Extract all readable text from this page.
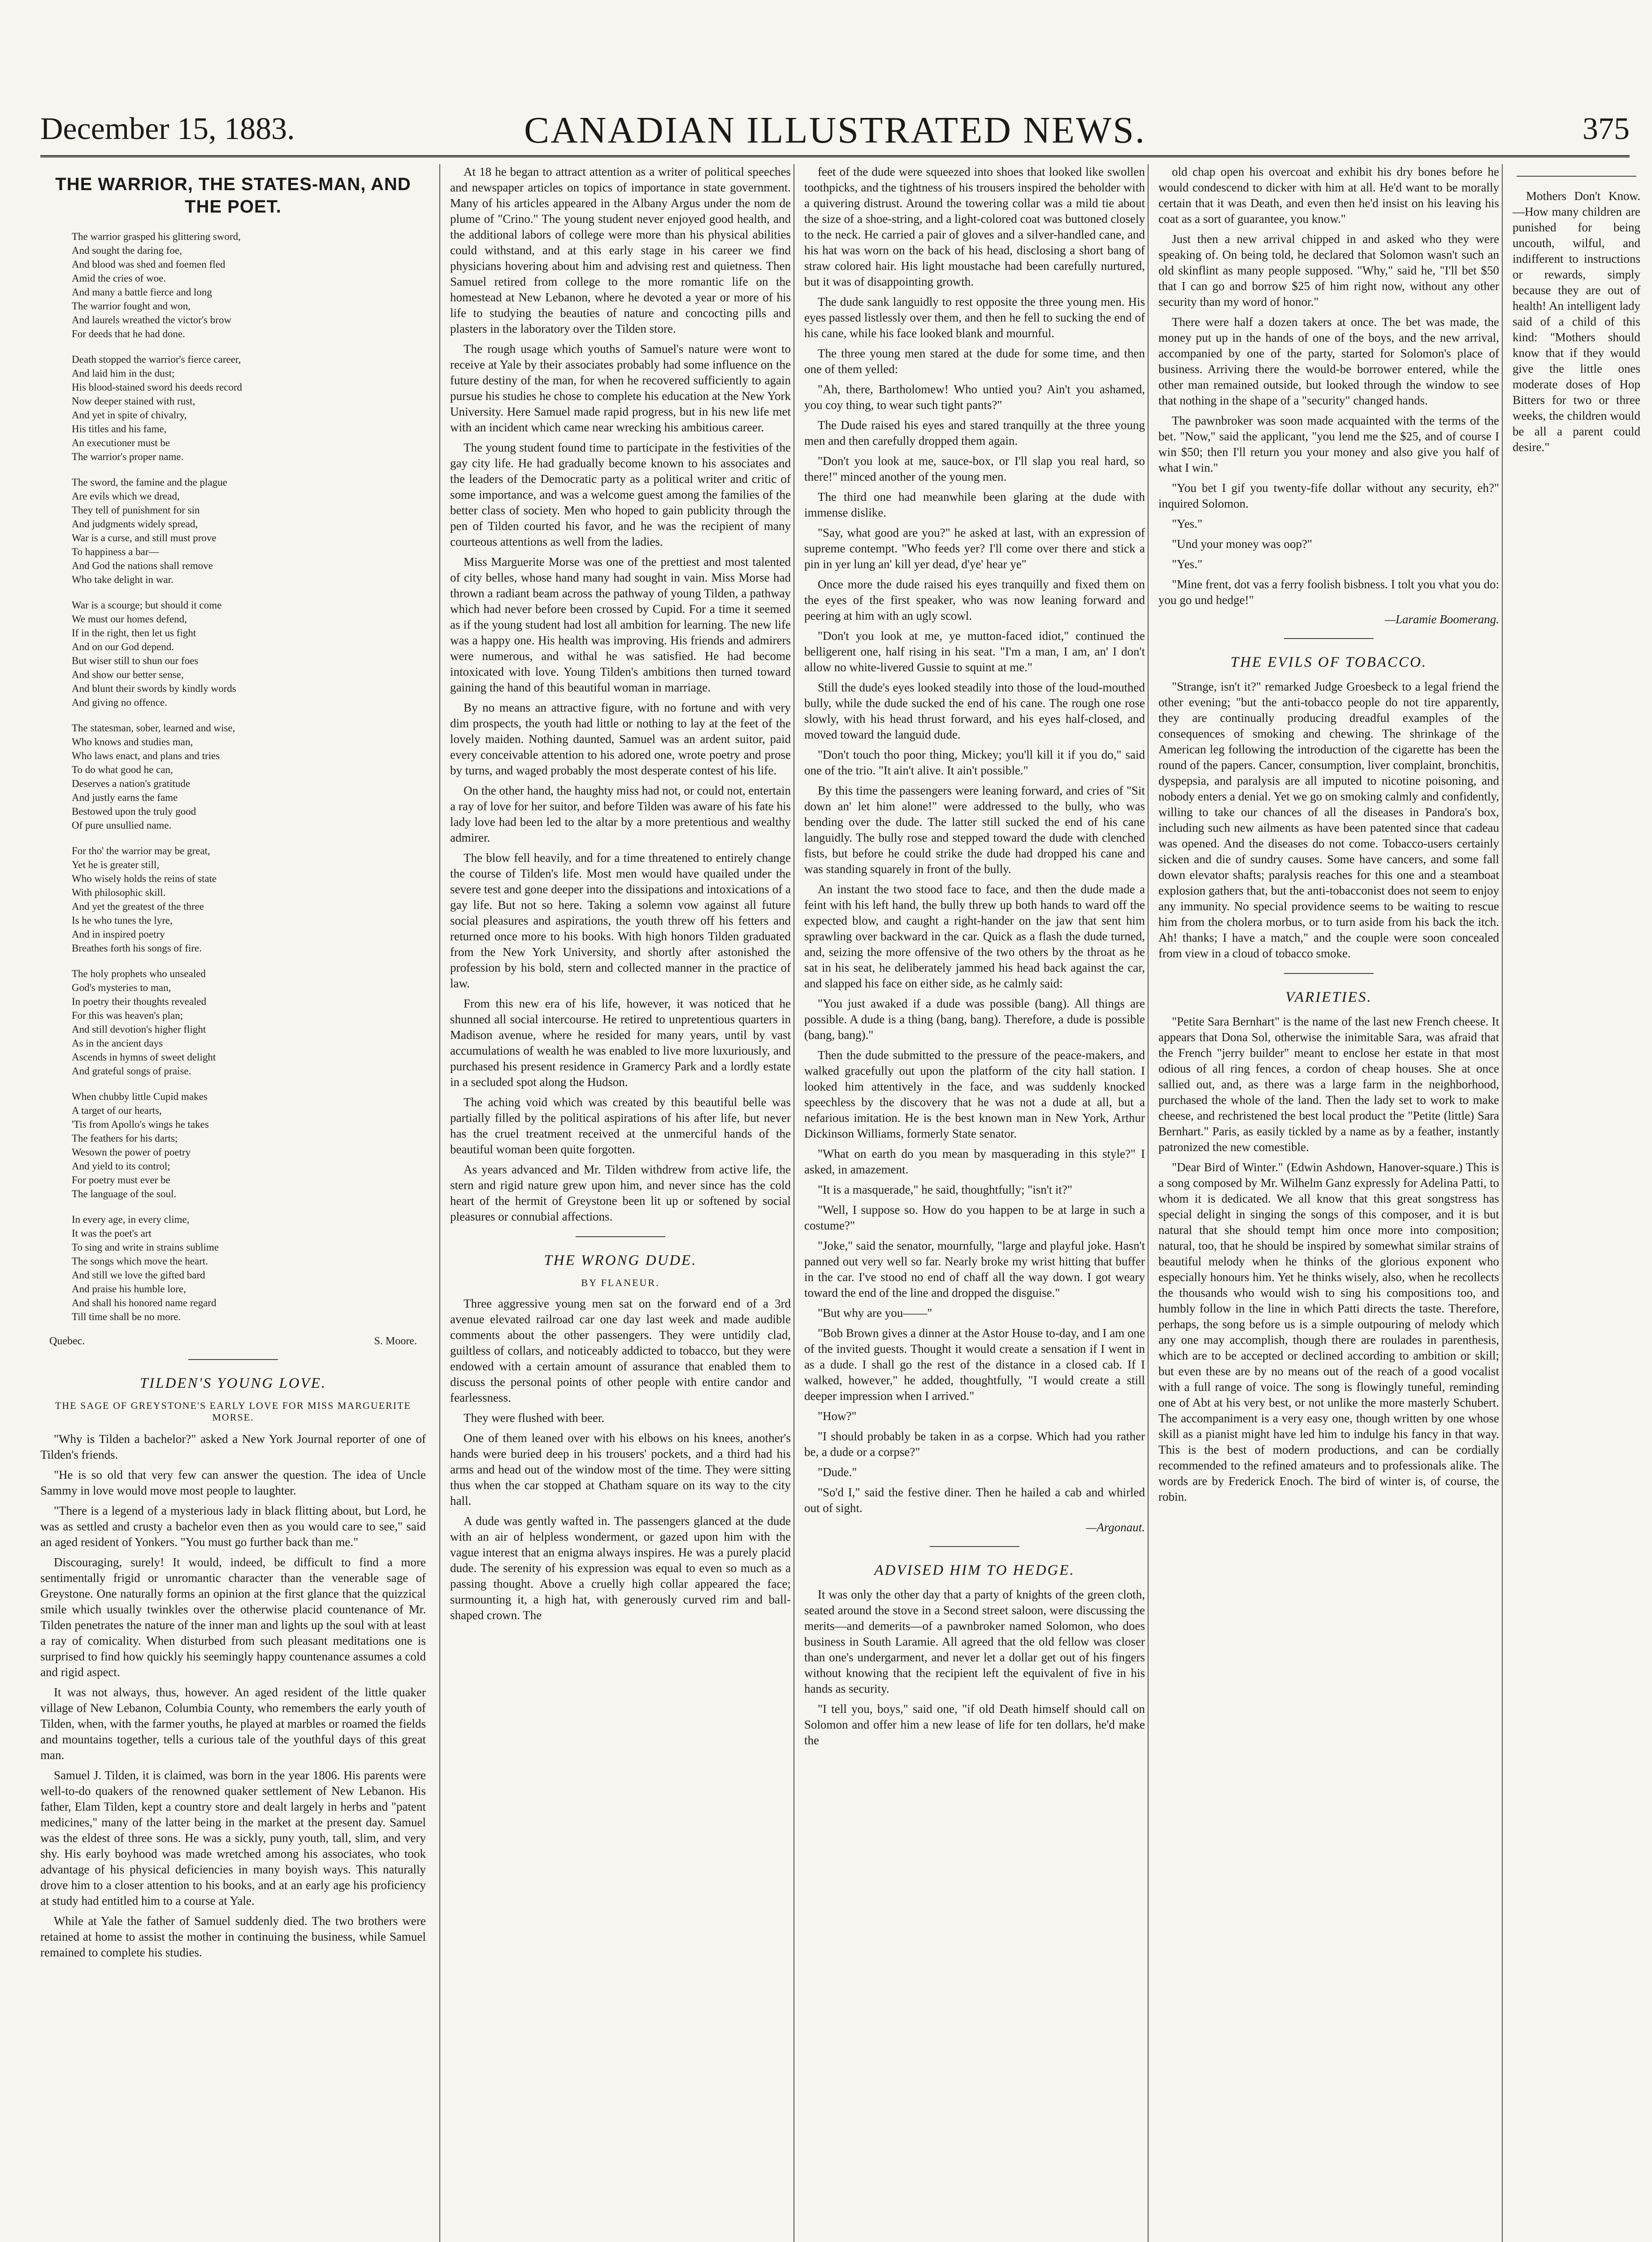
December 15, 1883.	CANADIAN ILLUSTRATED NEWS.	375
THE WARRIOR, THE STATES-MAN, AND THE POET.
The warrior grasped his glittering sword,
And sought the daring foe,
And blood was shed and foemen fled
Amid the cries of woe.
And many a battle fierce and long
The warrior fought and won,
And laurels wreathed the victor's brow
For deeds that he had done.
Death stopped the warrior's fierce career,
And laid him in the dust;
His blood-stained sword his deeds record
Now deeper stained with rust,
And yet in spite of chivalry,
His titles and his fame,
An executioner must be
The warrior's proper name.
The sword, the famine and the plague
Are evils which we dread,
They tell of punishment for sin
And judgments widely spread,
War is a curse, and still must prove
To happiness a bar—
And God the nations shall remove
Who take delight in war.
War is a scourge; but should it come
We must our homes defend,
If in the right, then let us fight
And on our God depend.
But wiser still to shun our foes
And show our better sense,
And blunt their swords by kindly words
And giving no offence.
The statesman, sober, learned and wise,
Who knows and studies man,
Who laws enact, and plans and tries
To do what good he can,
Deserves a nation's gratitude
And justly earns the fame
Bestowed upon the truly good
Of pure unsullied name.
For tho' the warrior may be great,
Yet he is greater still,
Who wisely holds the reins of state
With philosophic skill.
And yet the greatest of the three
Is he who tunes the lyre,
And in inspired poetry
Breathes forth his songs of fire.
The holy prophets who unsealed
God's mysteries to man,
In poetry their thoughts revealed
For this was heaven's plan;
And still devotion's higher flight
As in the ancient days
Ascends in hymns of sweet delight
And grateful songs of praise.
When chubby little Cupid makes
A target of our hearts,
'Tis from Apollo's wings he takes
The feathers for his darts;
Wesown the power of poetry
And yield to its control;
For poetry must ever be
The language of the soul.
In every age, in every clime,
It was the poet's art
To sing and write in strains sublime
The songs which move the heart.
And still we love the gifted bard
And praise his humble lore,
And shall his honored name regard
Till time shall be no more.
Quebec.	S. Moore.
TILDEN'S YOUNG LOVE.
THE SAGE OF GREYSTONE'S EARLY LOVE FOR MISS MARGUERITE MORSE.

"Why is Tilden a bachelor?" asked a New York Journal reporter of one of Tilden's friends.

"He is so old that very few can answer the question. The idea of Uncle Sammy in love would move most people to laughter.

"There is a legend of a mysterious lady in black flitting about, but Lord, he was as settled and crusty a bachelor even then as you would care to see," said an aged resident of Yonkers. "You must go further back than me."

Discouraging, surely! It would, indeed, be difficult to find a more sentimentally frigid or unromantic character than the venerable sage of Greystone. One naturally forms an opinion at the first glance that the quizzical smile which usually twinkles over the otherwise placid countenance of Mr. Tilden penetrates the nature of the inner man and lights up the soul with at least a ray of comicality. When disturbed from such pleasant meditations one is surprised to find how quickly his seemingly happy countenance assumes a cold and rigid aspect.

It was not always, thus, however. An aged resident of the little quaker village of New Lebanon, Columbia County, who remembers the early youth of Tilden, when, with the farmer youths, he played at marbles or roamed the fields and mountains together, tells a curious tale of the youthful days of this great man.

Samuel J. Tilden, it is claimed, was born in the year 1806. His parents were well-to-do quakers of the renowned quaker settlement of New Lebanon. His father, Elam Tilden, kept a country store and dealt largely in herbs and "patent medicines," many of the latter being in the market at the present day. Samuel was the eldest of three sons. He was a sickly, puny youth, tall, slim, and very shy. His early boyhood was made wretched among his associates, who took advantage of his physical deficiencies in many boyish ways. This naturally drove him to a closer attention to his books, and at an early age his proficiency at study had entitled him to a course at Yale.

While at Yale the father of Samuel suddenly died. The two brothers were retained at home to assist the mother in continuing the business, while Samuel remained to complete his studies.

At 18 he began to attract attention as a writer of political speeches and newspaper articles on topics of importance in state government. Many of his articles appeared in the Albany Argus under the nom de plume of "Crino." The young student never enjoyed good health, and the additional labors of college were more than his physical abilities could withstand, and at this early stage in his career we find physicians hovering about him and advising rest and quietness. Then Samuel retired from college to the more romantic life on the homestead at New Lebanon, where he devoted a year or more of his life to studying the beauties of nature and concocting pills and plasters in the laboratory over the Tilden store.

The rough usage which youths of Samuel's nature were wont to receive at Yale by their associates probably had some influence on the future destiny of the man, for when he recovered sufficiently to again pursue his studies he chose to complete his education at the New York University. Here Samuel made rapid progress, but in his new life met with an incident which came near wrecking his ambitious career.

The young student found time to participate in the festivities of the gay city life. He had gradually become known to his associates and the leaders of the Democratic party as a political writer and critic of some importance, and was a welcome guest among the families of the better class of society. Men who hoped to gain publicity through the pen of Tilden courted his favor, and he was the recipient of many courteous attentions as well from the ladies.

Miss Marguerite Morse was one of the prettiest and most talented of city belles, whose hand many had sought in vain. Miss Morse had thrown a radiant beam across the pathway of young Tilden, a pathway which had never before been crossed by Cupid. For a time it seemed as if the young student had lost all ambition for learning. The new life was a happy one. His health was improving. His friends and admirers were numerous, and withal he was satisfied. He had become intoxicated with love. Young Tilden's ambitions then turned toward gaining the hand of this beautiful woman in marriage.

By no means an attractive figure, with no fortune and with very dim prospects, the youth had little or nothing to lay at the feet of the lovely maiden. Nothing daunted, Samuel was an ardent suitor, paid every conceivable attention to his adored one, wrote poetry and prose by turns, and waged probably the most desperate contest of his life.

On the other hand, the haughty miss had not, or could not, entertain a ray of love for her suitor, and before Tilden was aware of his fate his lady love had been led to the altar by a more pretentious and wealthy admirer.

The blow fell heavily, and for a time threatened to entirely change the course of Tilden's life. Most men would have quailed under the severe test and gone deeper into the dissipations and intoxications of a gay life. But not so here. Taking a solemn vow against all future social pleasures and aspirations, the youth threw off his fetters and returned once more to his books. With high honors Tilden graduated from the New York University, and shortly after astonished the profession by his bold, stern and collected manner in the practice of law.

From this new era of his life, however, it was noticed that he shunned all social intercourse. He retired to unpretentious quarters in Madison avenue, where he resided for many years, until by vast accumulations of wealth he was enabled to live more luxuriously, and purchased his present residence in Gramercy Park and a lordly estate in a secluded spot along the Hudson.

The aching void which was created by this beautiful belle was partially filled by the political aspirations of his after life, but never has the cruel treatment received at the unmerciful hands of the beautiful woman been quite forgotten.

As years advanced and Mr. Tilden withdrew from active life, the stern and rigid nature grew upon him, and never since has the cold heart of the hermit of Greystone been lit up or softened by social pleasures or connubial affections.

THE WRONG DUDE.
BY FLANEUR.

Three aggressive young men sat on the forward end of a 3rd avenue elevated railroad car one day last week and made audible comments about the other passengers. They were untidily clad, guiltless of collars, and noticeably addicted to tobacco, but they were endowed with a certain amount of assurance that enabled them to discuss the personal points of other people with entire candor and fearlessness.

They were flushed with beer.

One of them leaned over with his elbows on his knees, another's hands were buried deep in his trousers' pockets, and a third had his arms and head out of the window most of the time. They were sitting thus when the car stopped at Chatham square on its way to the city hall.

A dude was gently wafted in. The passengers glanced at the dude with an air of helpless wonderment, or gazed upon him with the vague interest that an enigma always inspires. He was a purely placid dude. The serenity of his expression was equal to even so much as a passing thought. Above a cruelly high collar appeared the face; surmounting it, a high hat, with generously curved rim and ball-shaped crown. The

feet of the dude were squeezed into shoes that looked like swollen toothpicks, and the tightness of his trousers inspired the beholder with a quivering distrust. Around the towering collar was a mild tie about the size of a shoe-string, and a light-colored coat was buttoned closely to the neck. He carried a pair of gloves and a silver-handled cane, and his hat was worn on the back of his head, disclosing a short bang of straw colored hair. His light moustache had been carefully nurtured, but it was of disappointing growth.

The dude sank languidly to rest opposite the three young men. His eyes passed listlessly over them, and then he fell to sucking the end of his cane, while his face looked blank and mournful.

The three young men stared at the dude for some time, and then one of them yelled:

"Ah, there, Bartholomew! Who untied you? Ain't you ashamed, you coy thing, to wear such tight pants?"

The Dude raised his eyes and stared tranquilly at the three young men and then carefully dropped them again.

"Don't you look at me, sauce-box, or I'll slap you real hard, so there!" minced another of the young men.

The third one had meanwhile been glaring at the dude with immense dislike.

"Say, what good are you?" he asked at last, with an expression of supreme contempt. "Who feeds yer? I'll come over there and stick a pin in yer lung an' kill yer dead, d'ye' hear ye"

Once more the dude raised his eyes tranquilly and fixed them on the eyes of the first speaker, who was now leaning forward and peering at him with an ugly scowl.

"Don't you look at me, ye mutton-faced idiot," continued the belligerent one, half rising in his seat. "I'm a man, I am, an' I don't allow no white-livered Gussie to squint at me."

Still the dude's eyes looked steadily into those of the loud-mouthed bully, while the dude sucked the end of his cane. The rough one rose slowly, with his head thrust forward, and his eyes half-closed, and moved toward the languid dude.

"Don't touch tho poor thing, Mickey; you'll kill it if you do," said one of the trio. "It ain't alive. It ain't possible."

By this time the passengers were leaning forward, and cries of "Sit down an' let him alone!" were addressed to the bully, who was bending over the dude. The latter still sucked the end of his cane languidly. The bully rose and stepped toward the dude with clenched fists, but before he could strike the dude had dropped his cane and was standing squarely in front of the bully.

An instant the two stood face to face, and then the dude made a feint with his left hand, the bully threw up both hands to ward off the expected blow, and caught a right-hander on the jaw that sent him sprawling over backward in the car. Quick as a flash the dude turned, and, seizing the more offensive of the two others by the throat as he sat in his seat, he deliberately jammed his head back against the car, and slapped his face on either side, as he calmly said:

"You just awaked if a dude was possible (bang). All things are possible. A dude is a thing (bang, bang). Therefore, a dude is possible (bang, bang)."

Then the dude submitted to the pressure of the peace-makers, and walked gracefully out upon the platform of the city hall station. I looked him attentively in the face, and was suddenly knocked speechless by the discovery that he was not a dude at all, but a nefarious imitation. He is the best known man in New York, Arthur Dickinson Williams, formerly State senator.

"What on earth do you mean by masquerading in this style?" I asked, in amazement.

"It is a masquerade," he said, thoughtfully; "isn't it?"

"Well, I suppose so. How do you happen to be at large in such a costume?"

"Joke," said the senator, mournfully, "large and playful joke. Hasn't panned out very well so far. Nearly broke my wrist hitting that buffer in the car. I've stood no end of chaff all the way down. I got weary toward the end of the line and dropped the disguise."

"But why are you——"

"Bob Brown gives a dinner at the Astor House to-day, and I am one of the invited guests. Thought it would create a sensation if I went in as a dude. I shall go the rest of the distance in a closed cab. If I walked, however," he added, thoughtfully, "I would create a still deeper impression when I arrived."

"How?"

"I should probably be taken in as a corpse. Which had you rather be, a dude or a corpse?"

"Dude."

"So'd I," said the festive diner. Then he hailed a cab and whirled out of sight.

—Argonaut.
ADVISED HIM TO HEDGE.

It was only the other day that a party of knights of the green cloth, seated around the stove in a Second street saloon, were discussing the merits—and demerits—of a pawnbroker named Solomon, who does business in South Laramie. All agreed that the old fellow was closer than one's undergarment, and never let a dollar get out of his fingers without knowing that the recipient left the equivalent of five in his hands as security.

"I tell you, boys," said one, "if old Death himself should call on Solomon and offer him a new lease of life for ten dollars, he'd make the

old chap open his overcoat and exhibit his dry bones before he would condescend to dicker with him at all. He'd want to be morally certain that it was Death, and even then he'd insist on his leaving his coat as a sort of guarantee, you know."

Just then a new arrival chipped in and asked who they were speaking of. On being told, he declared that Solomon wasn't such an old skinflint as many people supposed. "Why," said he, "I'll bet $50 that I can go and borrow $25 of him right now, without any other security than my word of honor."

There were half a dozen takers at once. The bet was made, the money put up in the hands of one of the boys, and the new arrival, accompanied by one of the party, started for Solomon's place of business. Arriving there the would-be borrower entered, while the other man remained outside, but looked through the window to see that nothing in the shape of a "security" changed hands.

The pawnbroker was soon made acquainted with the terms of the bet. "Now," said the applicant, "you lend me the $25, and of course I win $50; then I'll return you your money and also give you half of what I win."

"You bet I gif you twenty-fife dollar without any security, eh?" inquired Solomon.

"Yes."

"Und your money was oop?"

"Yes."

"Mine frent, dot vas a ferry foolish bisbness. I tolt you vhat you do: you go und hedge!"

—Laramie Boomerang.
THE EVILS OF TOBACCO.

"Strange, isn't it?" remarked Judge Groesbeck to a legal friend the other evening; "but the anti-tobacco people do not tire apparently, they are continually producing dreadful examples of the consequences of smoking and chewing. The shrinkage of the American leg following the introduction of the cigarette has been the round of the papers. Cancer, consumption, liver complaint, bronchitis, dyspepsia, and paralysis are all imputed to nicotine poisoning, and nobody enters a denial. Yet we go on smoking calmly and confidently, willing to take our chances of all the diseases in Pandora's box, including such new ailments as have been patented since that cadeau was opened. And the diseases do not come. Tobacco-users certainly sicken and die of sundry causes. Some have cancers, and some fall down elevator shafts; paralysis reaches for this one and a steamboat explosion gathers that, but the anti-tobacconist does not seem to enjoy any immunity. No special providence seems to be waiting to rescue him from the cholera morbus, or to turn aside from his back the itch. Ah! thanks; I have a match," and the couple were soon concealed from view in a cloud of tobacco smoke.

VARIETIES.

"Petite Sara Bernhart" is the name of the last new French cheese. It appears that Dona Sol, otherwise the inimitable Sara, was afraid that the French "jerry builder" meant to enclose her estate in that most odious of all ring fences, a cordon of cheap houses. She at once sallied out, and, as there was a large farm in the neighborhood, purchased the whole of the land. Then the lady set to work to make cheese, and rechristened the best local product the "Petite (little) Sara Bernhart." Paris, as easily tickled by a name as by a feather, instantly patronized the new comestible.

"Dear Bird of Winter." (Edwin Ashdown, Hanover-square.) This is a song composed by Mr. Wilhelm Ganz expressly for Adelina Patti, to whom it is dedicated. We all know that this great songstress has special delight in singing the songs of this composer, and it is but natural that she should tempt him once more into composition; natural, too, that he should be inspired by somewhat similar strains of beautiful melody when he thinks of the glorious exponent who especially honours him. Yet he thinks wisely, also, when he recollects the thousands who would wish to sing his compositions too, and humbly follow in the line in which Patti directs the taste. Therefore, perhaps, the song before us is a simple outpouring of melody which any one may accomplish, though there are roulades in parenthesis, which are to be accepted or declined according to ambition or skill; but even these are by no means out of the reach of a good vocalist with a full range of voice. The song is flowingly tuneful, reminding one of Abt at his very best, or not unlike the more masterly Schubert. The accompaniment is a very easy one, though written by one whose skill as a pianist might have led him to indulge his fancy in that way. This is the best of modern productions, and can be cordially recommended to the refined amateurs and to professionals alike. The words are by Frederick Enoch. The bird of winter is, of course, the robin.

Mothers Don't Know.—How many children are punished for being uncouth, wilful, and indifferent to instructions or rewards, simply because they are out of health! An intelligent lady said of a child of this kind: "Mothers should know that if they would give the little ones moderate doses of Hop Bitters for two or three weeks, the children would be all a parent could desire."
